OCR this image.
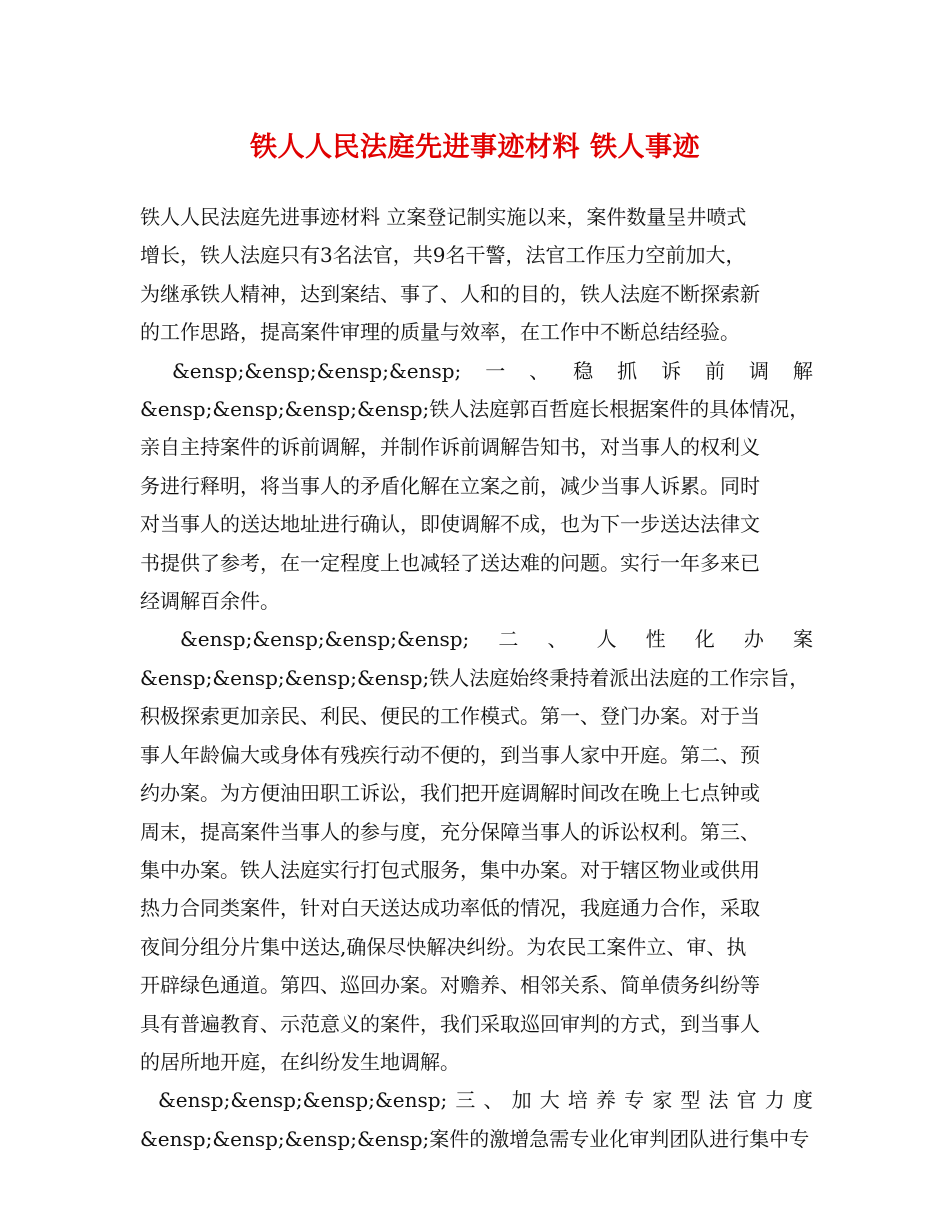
铁人人民法庭先进事迹材料 铁人事迹
铁人人民法庭先进事迹材料 立案登记制实施以来，案件数量呈井喷式
增长，铁人法庭只有3名法官，共9名干警，法官工作压力空前加大，
为继承铁人精神，达到案结、事了、人和的目的，铁人法庭不断探索新
的工作思路，提高案件审理的质量与效率，在工作中不断总结经验。
&ensp;&ensp;&ensp;&ensp; 一 、 稳 抓 诉 前 调 解
&ensp;&ensp;&ensp;&ensp;铁人法庭郭百哲庭长根据案件的具体情况，
亲自主持案件的诉前调解，并制作诉前调解告知书，对当事人的权利义
务进行释明，将当事人的矛盾化解在立案之前，减少当事人诉累。同时
对当事人的送达地址进行确认，即使调解不成，也为下一步送达法律文
书提供了参考，在一定程度上也减轻了送达难的问题。实行一年多来已
经调解百余件。
&ensp;&ensp;&ensp;&ensp; 二 、 人 性 化 办 案
&ensp;&ensp;&ensp;&ensp;铁人法庭始终秉持着派出法庭的工作宗旨，
积极探索更加亲民、利民、便民的工作模式。第一、登门办案。对于当
事人年龄偏大或身体有残疾行动不便的，到当事人家中开庭。第二、预
约办案。为方便油田职工诉讼，我们把开庭调解时间改在晚上七点钟或
周末，提高案件当事人的参与度，充分保障当事人的诉讼权利。第三、
集中办案。铁人法庭实行打包式服务，集中办案。对于辖区物业或供用
热力合同类案件，针对白天送达成功率低的情况，我庭通力合作，采取
夜间分组分片集中送达,确保尽快解决纠纷。为农民工案件立、审、执
开辟绿色通道。第四、巡回办案。对赡养、相邻关系、简单债务纠纷等
具有普遍教育、示范意义的案件，我们采取巡回审判的方式，到当事人
的居所地开庭，在纠纷发生地调解。
&ensp;&ensp;&ensp;&ensp; 三 、 加 大 培 养 专 家 型 法 官 力 度
&ensp;&ensp;&ensp;&ensp;案件的激增急需专业化审判团队进行集中专
